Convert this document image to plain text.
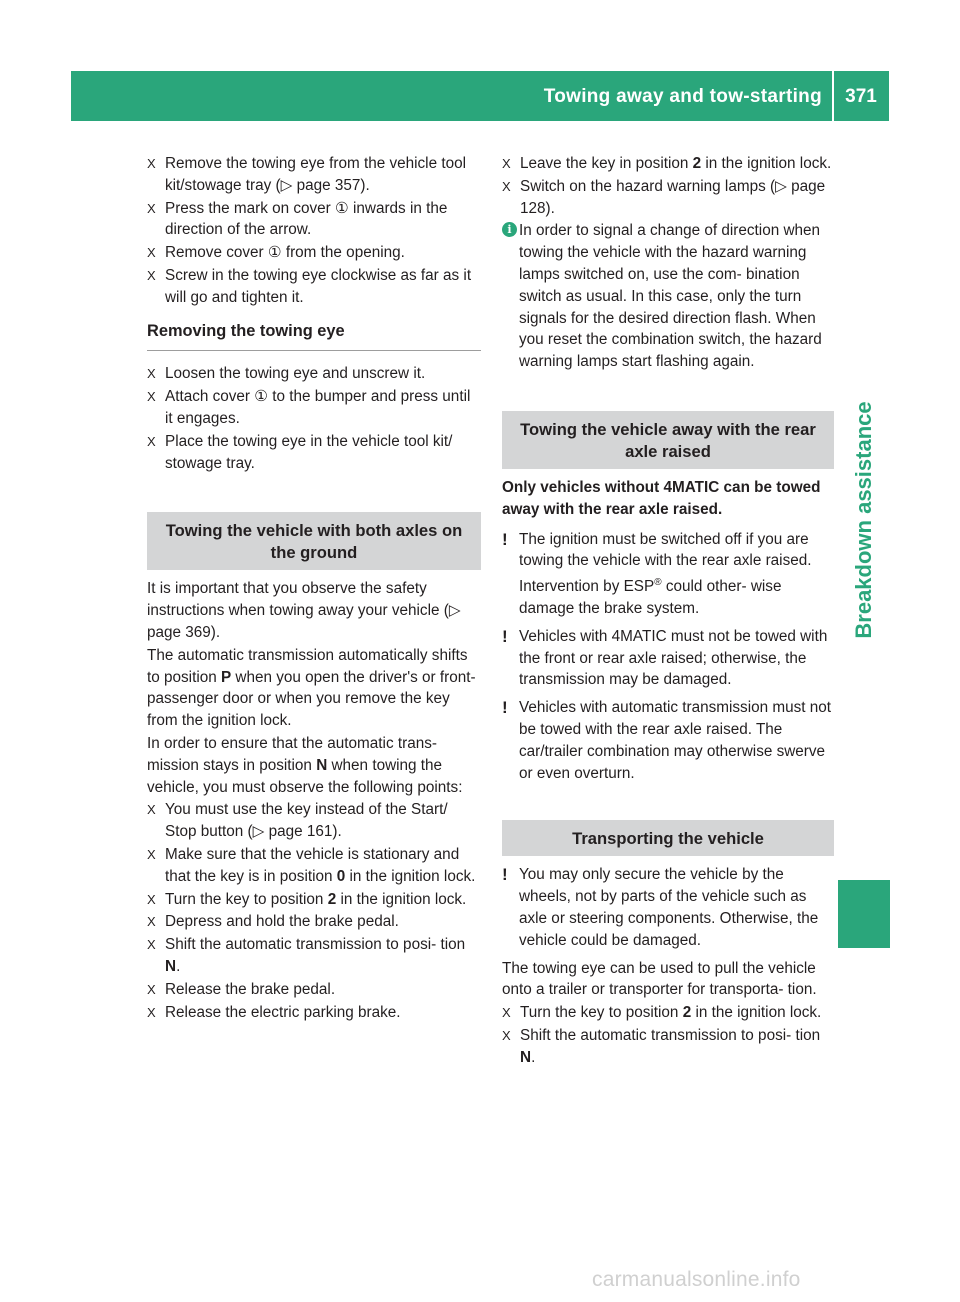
Towing away and tow-starting	371
Breakdown assistance
X Remove the towing eye from the vehicle tool kit/stowage tray (▷ page 357).
X Press the mark on cover ① inwards in the direction of the arrow.
X Remove cover ① from the opening.
X Screw in the towing eye clockwise as far as it will go and tighten it.
Removing the towing eye
X Loosen the towing eye and unscrew it.
X Attach cover ① to the bumper and press until it engages.
X Place the towing eye in the vehicle tool kit/ stowage tray.
Towing the vehicle with both axles on the ground
It is important that you observe the safety instructions when towing away your vehicle (▷ page 369).
The automatic transmission automatically shifts to position P when you open the driver's or front-passenger door or when you remove the key from the ignition lock.
In order to ensure that the automatic trans- mission stays in position N when towing the vehicle, you must observe the following points:
X You must use the key instead of the Start/ Stop button (▷ page 161).
X Make sure that the vehicle is stationary and that the key is in position 0 in the ignition lock.
X Turn the key to position 2 in the ignition lock.
X Depress and hold the brake pedal.
X Shift the automatic transmission to posi- tion N.
X Release the brake pedal.
X Release the electric parking brake.
X Leave the key in position 2 in the ignition lock.
X Switch on the hazard warning lamps (▷ page 128).
i In order to signal a change of direction when towing the vehicle with the hazard warning lamps switched on, use the com- bination switch as usual. In this case, only the turn signals for the desired direction flash. When you reset the combination switch, the hazard warning lamps start flashing again.
Towing the vehicle away with the rear axle raised
Only vehicles without 4MATIC can be towed away with the rear axle raised.
! The ignition must be switched off if you are towing the vehicle with the rear axle raised. Intervention by ESP® could other- wise damage the brake system.
! Vehicles with 4MATIC must not be towed with the front or rear axle raised; otherwise, the transmission may be damaged.
! Vehicles with automatic transmission must not be towed with the rear axle raised. The car/trailer combination may otherwise swerve or even overturn.
Transporting the vehicle
! You may only secure the vehicle by the wheels, not by parts of the vehicle such as axle or steering components. Otherwise, the vehicle could be damaged.
The towing eye can be used to pull the vehicle onto a trailer or transporter for transporta- tion.
X Turn the key to position 2 in the ignition lock.
X Shift the automatic transmission to posi- tion N.
carmanualsonline.info
